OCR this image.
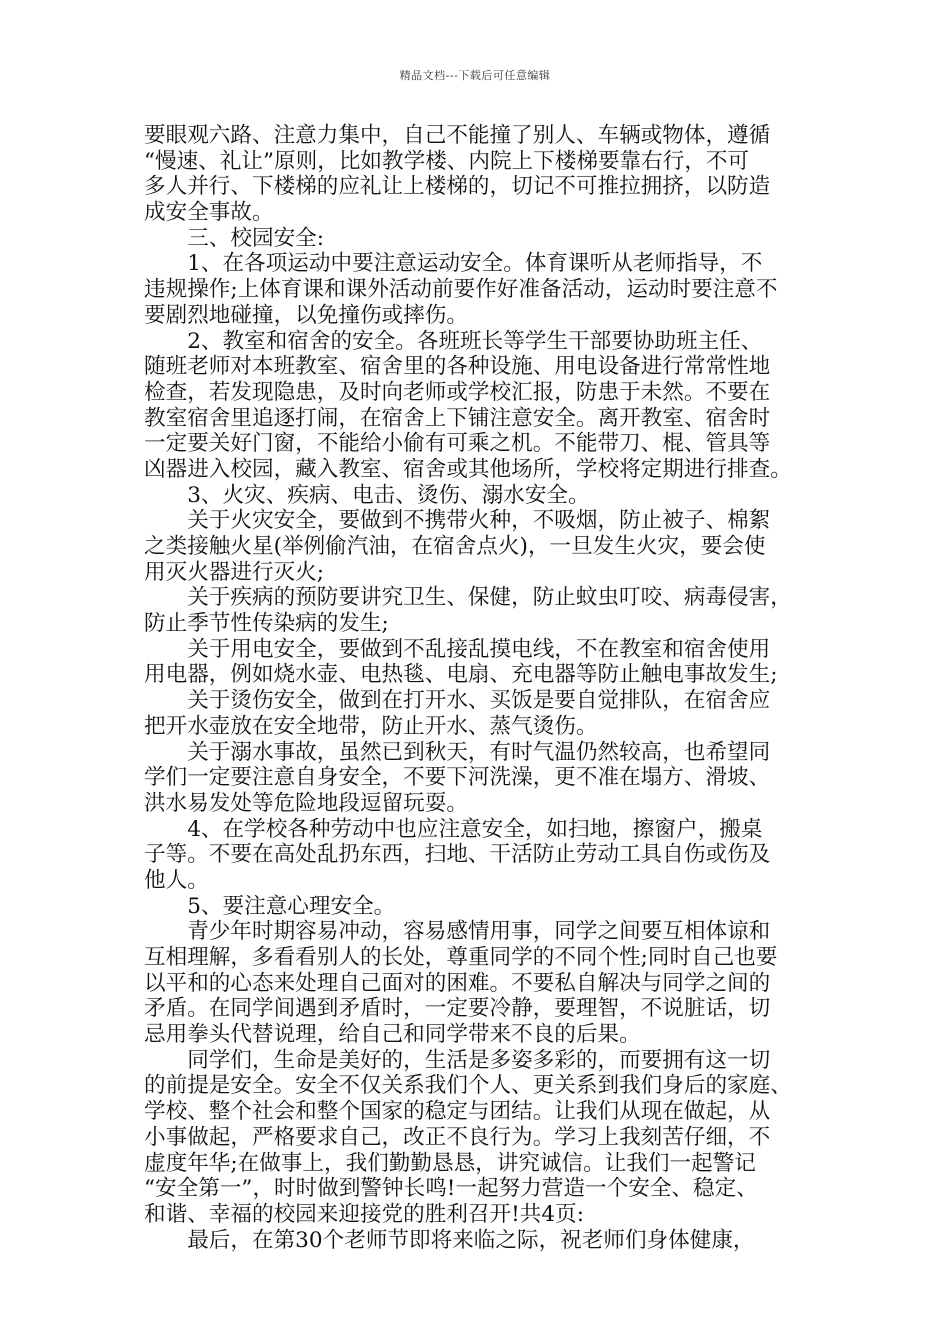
精品文档---下载后可任意编辑
要眼观六路、注意力集中，自己不能撞了别人、车辆或物体，遵循
“慢速、礼让”原则，比如教学楼、内院上下楼梯要靠右行，不可
多人并行、下楼梯的应礼让上楼梯的，切记不可推拉拥挤，以防造
成安全事故。
　　三、校园安全:
　　1、在各项运动中要注意运动安全。体育课听从老师指导，不
违规操作;上体育课和课外活动前要作好准备活动，运动时要注意不
要剧烈地碰撞，以免撞伤或摔伤。
　　2、教室和宿舍的安全。各班班长等学生干部要协助班主任、
随班老师对本班教室、宿舍里的各种设施、用电设备进行常常性地
检查，若发现隐患，及时向老师或学校汇报，防患于未然。不要在
教室宿舍里追逐打闹，在宿舍上下铺注意安全。离开教室、宿舍时
一定要关好门窗，不能给小偷有可乘之机。不能带刀、棍、管具等
凶器进入校园，藏入教室、宿舍或其他场所，学校将定期进行排查。
　　3、火灾、疾病、电击、烫伤、溺水安全。
　　关于火灾安全，要做到不携带火种，不吸烟，防止被子、棉絮
之类接触火星(举例偷汽油，在宿舍点火)，一旦发生火灾，要会使
用灭火器进行灭火;
　　关于疾病的预防要讲究卫生、保健，防止蚊虫叮咬、病毒侵害，
防止季节性传染病的发生;
　　关于用电安全，要做到不乱接乱摸电线，不在教室和宿舍使用
用电器，例如烧水壶、电热毯、电扇、充电器等防止触电事故发生;
　　关于烫伤安全，做到在打开水、买饭是要自觉排队，在宿舍应
把开水壶放在安全地带，防止开水、蒸气烫伤。
　　关于溺水事故，虽然已到秋天，有时气温仍然较高，也希望同
学们一定要注意自身安全，不要下河洗澡，更不准在塌方、滑坡、
洪水易发处等危险地段逗留玩耍。
　　4、在学校各种劳动中也应注意安全，如扫地，擦窗户，搬桌
子等。不要在高处乱扔东西，扫地、干活防止劳动工具自伤或伤及
他人。
　　5、要注意心理安全。
　　青少年时期容易冲动，容易感情用事，同学之间要互相体谅和
互相理解，多看看别人的长处，尊重同学的不同个性;同时自己也要
以平和的心态来处理自己面对的困难。不要私自解决与同学之间的
矛盾。在同学间遇到矛盾时，一定要冷静，要理智，不说脏话，切
忌用拳头代替说理，给自己和同学带来不良的后果。
　　同学们，生命是美好的，生活是多姿多彩的，而要拥有这一切
的前提是安全。安全不仅关系我们个人、更关系到我们身后的家庭、
学校、整个社会和整个国家的稳定与团结。让我们从现在做起，从
小事做起，严格要求自己，改正不良行为。学习上我刻苦仔细，不
虚度年华;在做事上，我们勤勤恳恳，讲究诚信。让我们一起警记
“安全第一”，时时做到警钟长鸣!一起努力营造一个安全、稳定、
和谐、幸福的校园来迎接党的胜利召开!共4页:
　　最后，在第30个老师节即将来临之际，祝老师们身体健康，
